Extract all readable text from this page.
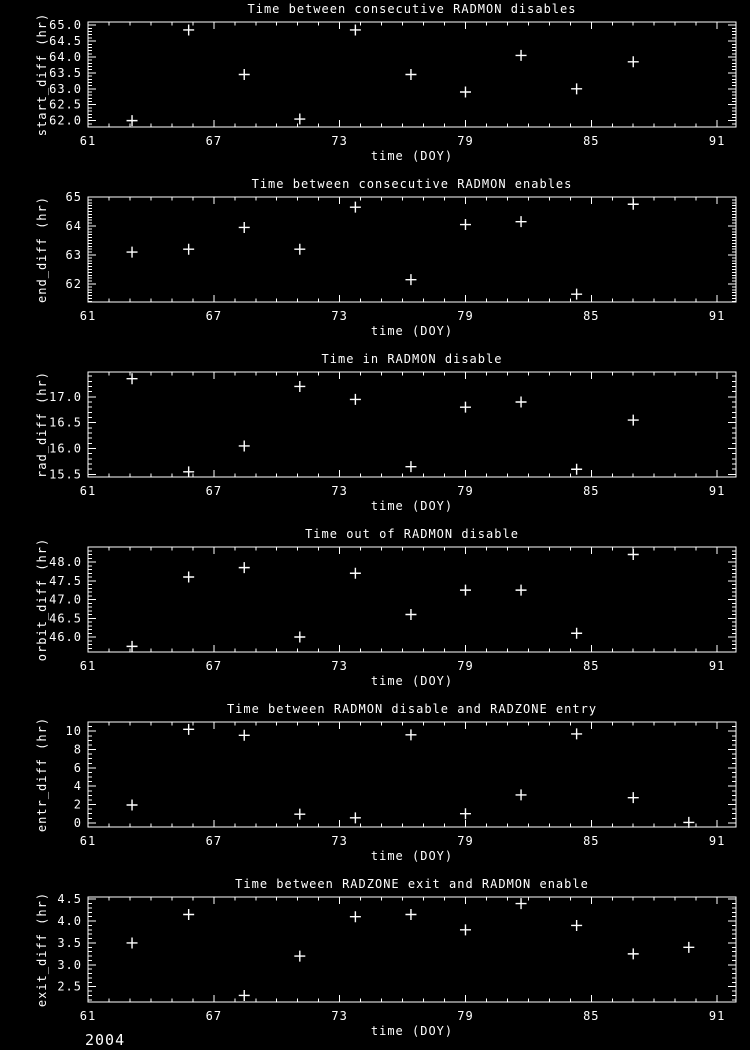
Time between consecutive RADMON disables
time (DOY)
start_diff (hr)
61	67	73	79	85	91
62.0
62.5
63.0
63.5
64.0
64.5
65.0
Time between consecutive RADMON enables
time (DOY)
end_diff (hr)
61	67	73	79	85	91
62
63
64
65
Time in RADMON disable
time (DOY)
rad_diff (hr)
61	67	73	79	85	91
15.5
16.0
16.5
17.0
Time out of RADMON disable
time (DOY)
orbit_diff (hr)
61	67	73	79	85	91
46.0
46.5
47.0
47.5
48.0
Time between RADMON disable and RADZONE entry
time (DOY)
entr_diff (hr)
61	67	73	79	85	91
0
2
4
6
8
10
Time between RADZONE exit and RADMON enable
time (DOY)
exit_diff (hr)
61	67	73	79	85	91
2.5
3.0
3.5
4.0
4.5
2004
